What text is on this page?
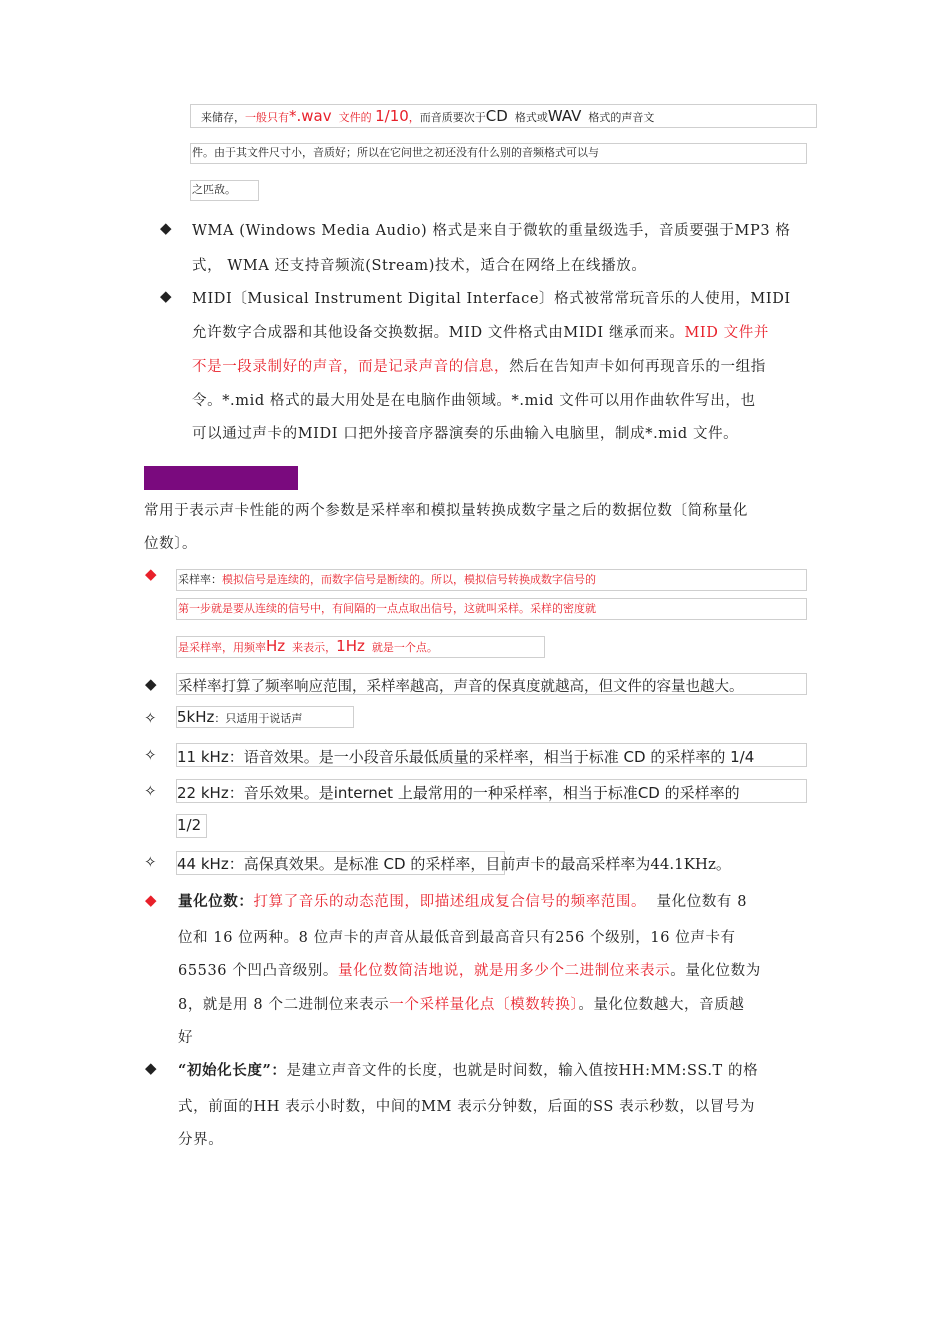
来储存，一般只有*.wav 文件的 1/10，而音质要次于CD 格式或WAV 格式的声音文
件。由于其文件尺寸小，音质好；所以在它问世之初还没有什么别的音频格式可以与
之匹敌。
◆ WMA (Windows Media Audio) 格式是来自于微软的重量级选手，音质要强于MP3 格
式， WMA 还支持音频流(Stream)技术，适合在网络上在线播放。
◆ MIDI〔Musical Instrument Digital Interface〕格式被常常玩音乐的人使用，MIDI
允许数字合成器和其他设备交换数据。MID 文件格式由MIDI 继承而来。MID 文件并
不是一段录制好的声音，而是记录声音的信息，然后在告知声卡如何再现音乐的一组指
令。*.mid 格式的最大用处是在电脑作曲领域。*.mid 文件可以用作曲软件写出，也
可以通过声卡的MIDI 口把外接音序器演奏的乐曲输入电脑里，制成*.mid 文件。
常用于表示声卡性能的两个参数是采样率和模拟量转换成数字量之后的数据位数〔简称量化
位数〕。
◆ 采样率：模拟信号是连续的，而数字信号是断续的。所以，模拟信号转换成数字信号的
第一步就是要从连续的信号中，有间隔的一点点取出信号，这就叫采样。采样的密度就
是采样率，用频率Hz 来表示，1Hz 就是一个点。
◆ 采样率打算了频率响应范围，采样率越高，声音的保真度就越高，但文件的容量也越大。
✧ 5kHz：只适用于说话声
✧ 11 kHz：语音效果。是一小段音乐最低质量的采样率，相当于标准 CD 的采样率的 1/4
✧ 22 kHz：音乐效果。是internet 上最常用的一种采样率，相当于标准CD 的采样率的
1/2
✧ 44 kHz：高保真效果。是标准 CD 的采样率，目前声卡的最高采样率为44.1KHz。
◆ 量化位数：打算了音乐的动态范围，即描述组成复合信号的频率范围。 量化位数有 8
位和 16 位两种。8 位声卡的声音从最低音到最高音只有256 个级别，16 位声卡有
65536 个凹凸音级别。量化位数简洁地说，就是用多少个二进制位来表示。量化位数为
8，就是用 8 个二进制位来表示一个采样量化点〔模数转换〕。量化位数越大，音质越
好
◆ “初始化长度”：是建立声音文件的长度，也就是时间数，输入值按HH:MM:SS.T 的格
式，前面的HH 表示小时数，中间的MM 表示分钟数，后面的SS 表示秒数，以冒号为
分界。
